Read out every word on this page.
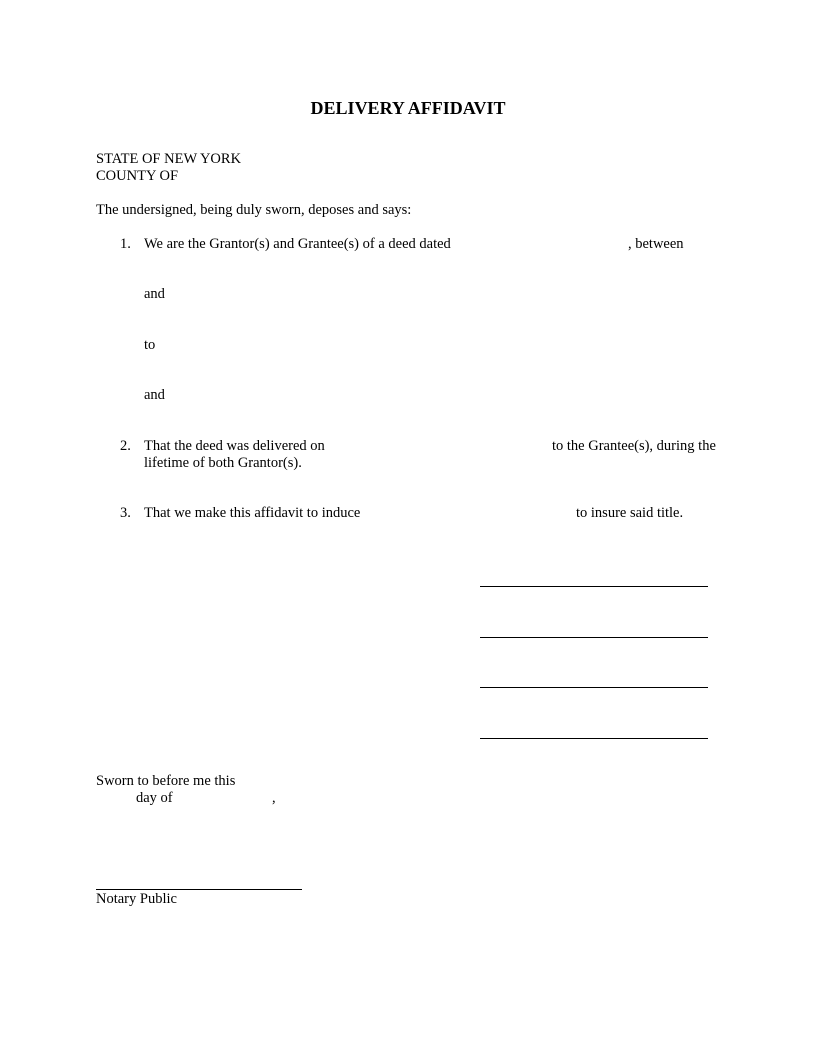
DELIVERY AFFIDAVIT
STATE OF NEW YORK
COUNTY OF
The undersigned, being duly sworn, deposes and says:
1. We are the Grantor(s) and Grantee(s) of a deed dated	, between
and
to
and
2. That the deed was delivered on	to the Grantee(s), during the
lifetime of both Grantor(s).
3. That we make this affidavit to induce	to insure said title.
Sworn to before me this
day of	,
Notary Public
